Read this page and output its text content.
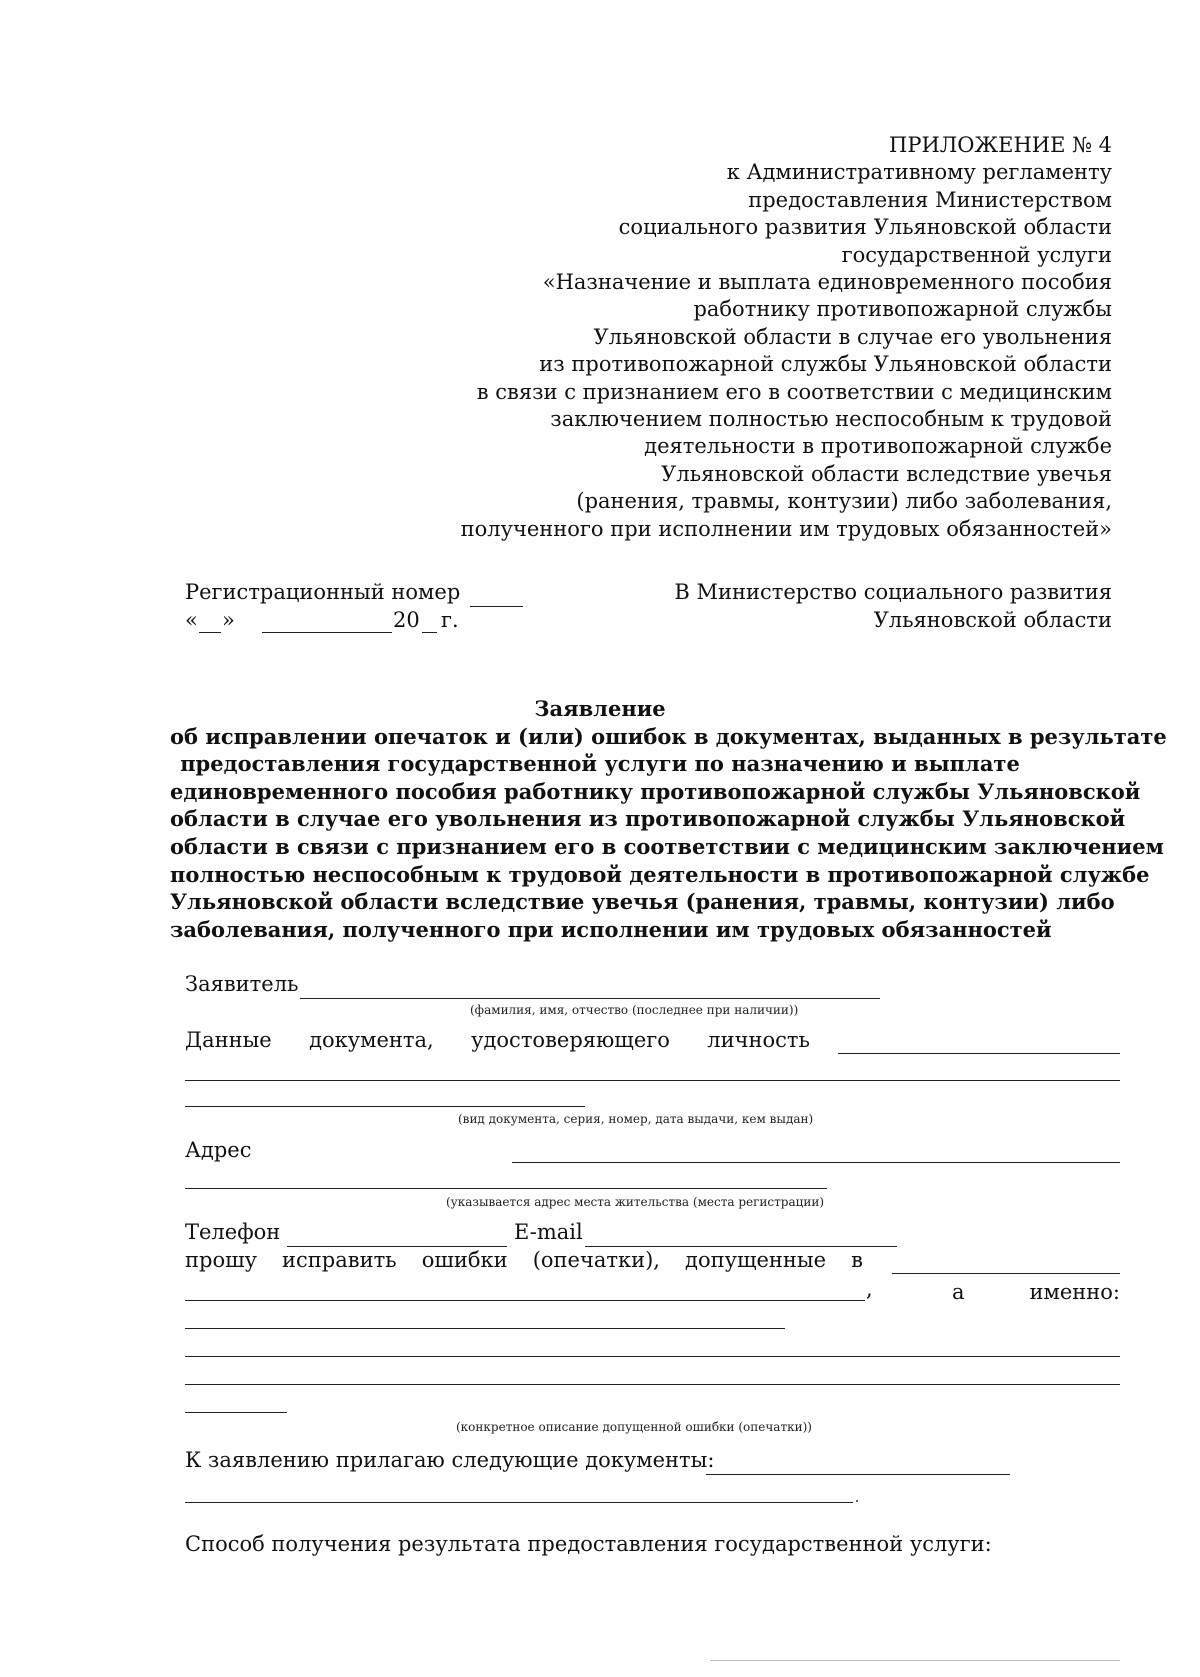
ПРИЛОЖЕНИЕ № 4
к Административному регламенту
предоставления Министерством
социального развития Ульяновской области
государственной услуги
«Назначение и выплата единовременного пособия
работнику противопожарной службы
Ульяновской области в случае его увольнения
из противопожарной службы Ульяновской области
в связи с признанием его в соответствии с медицинским
заключением полностью неспособным к трудовой
деятельности в противопожарной службе
Ульяновской области вследствие увечья
(ранения, травмы, контузии) либо заболевания,
полученного при исполнении им трудовых обязанностей»
Регистрационный номер
« »	20 г.
В Министерство социального развития
Ульяновской области
Заявление
об исправлении опечаток и (или) ошибок в документах, выданных в результате
предоставления государственной услуги по назначению и выплате
единовременного пособия работнику противопожарной службы Ульяновской
области в случае его увольнения из противопожарной службы Ульяновской
области в связи с признанием его в соответствии с медицинским заключением
полностью неспособным к трудовой деятельности в противопожарной службе
Ульяновской области вследствие увечья (ранения, травмы, контузии) либо
заболевания, полученного при исполнении им трудовых обязанностей
Заявитель
(фамилия, имя, отчество (последнее при наличии))
Данные документа, удостоверяющего личность
(вид документа, серия, номер, дата выдачи, кем выдан)
Адрес
(указывается адрес места жительства (места регистрации)
Телефон	E-mail
прошу исправить ошибки (опечатки), допущенные в
,	а	именно:
(конкретное описание допущенной ошибки (опечатки))
К заявлению прилагаю следующие документы:
Способ получения результата предоставления государственной услуги:
